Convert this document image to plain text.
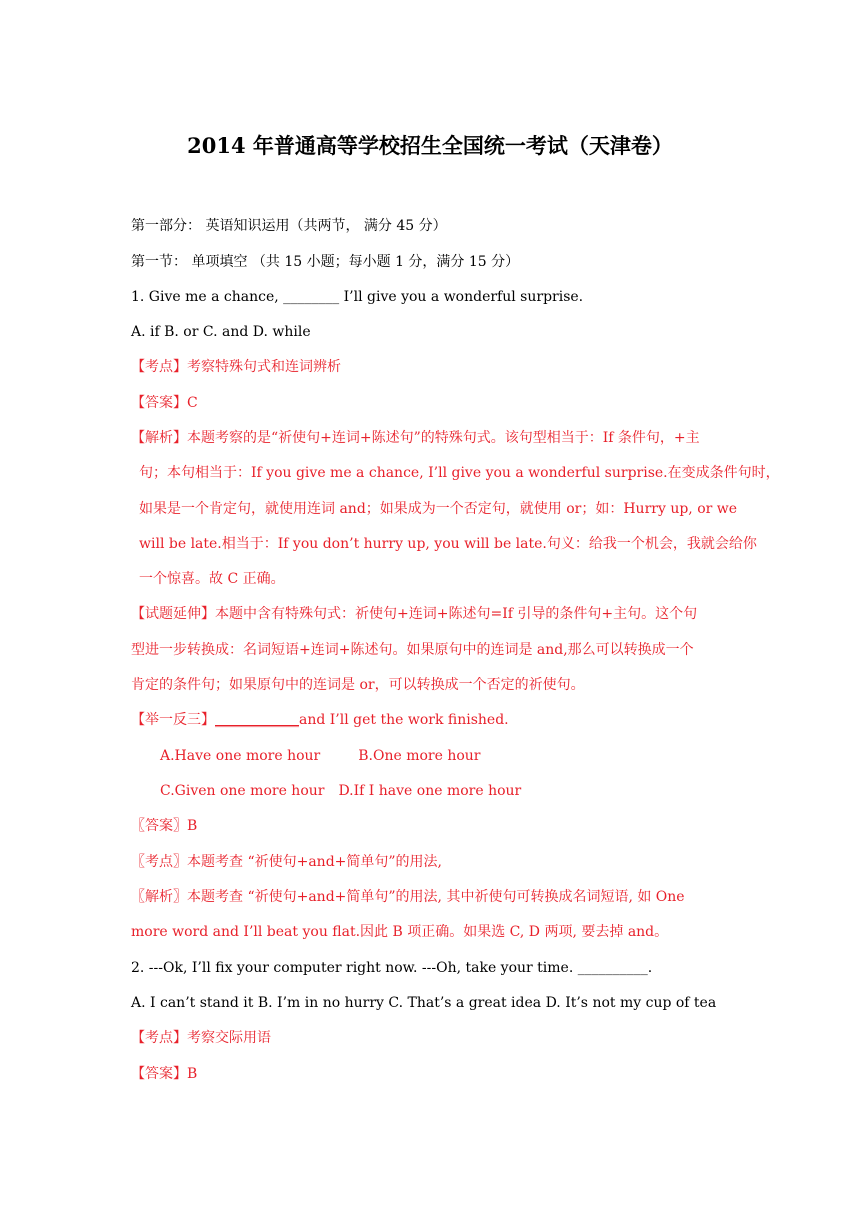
2014 年普通高等学校招生全国统一考试（天津卷）
第一部分： 英语知识运用（共两节， 满分 45 分）
第一节： 单项填空 （共 15 小题；每小题 1 分，满分 15 分）
1. Give me a chance, ________ I’ll give you a wonderful surprise.
A. if B. or C. and D. while
【考点】考察特殊句式和连词辨析
【答案】C
【解析】本题考察的是“祈使句+连词+陈述句”的特殊句式。该句型相当于：If 条件句，+主
句；本句相当于：If you give me a chance, I’ll give you a wonderful surprise.在变成条件句时，
如果是一个肯定句，就使用连词 and；如果成为一个否定句，就使用 or；如：Hurry up, or we
will be late.相当于：If you don’t hurry up, you will be late.句义：给我一个机会，我就会给你
一个惊喜。故 C 正确。
【试题延伸】本题中含有特殊句式：祈使句+连词+陈述句=If 引导的条件句+主句。这个句
型进一步转换成：名词短语+连词+陈述句。如果原句中的连词是 and,那么可以转换成一个
肯定的条件句；如果原句中的连词是 or，可以转换成一个否定的祈使句。
【举一反三】____________and I’ll get the work finished.
A.Have one more hour	B.One more hour
C.Given one more hour D.If I have one more hour
〖答案〗B
〖考点〗本题考查 “祈使句+and+简单句”的用法,
〖解析〗本题考查 “祈使句+and+简单句”的用法, 其中祈使句可转换成名词短语, 如 One
more word and I’ll beat you flat.因此 B 项正确。如果选 C, D 两项, 要去掉 and。
2. ---Ok, I’ll fix your computer right now. ---Oh, take your time. __________.
A. I can’t stand it B. I’m in no hurry C. That’s a great idea D. It’s not my cup of tea
【考点】考察交际用语
【答案】B
